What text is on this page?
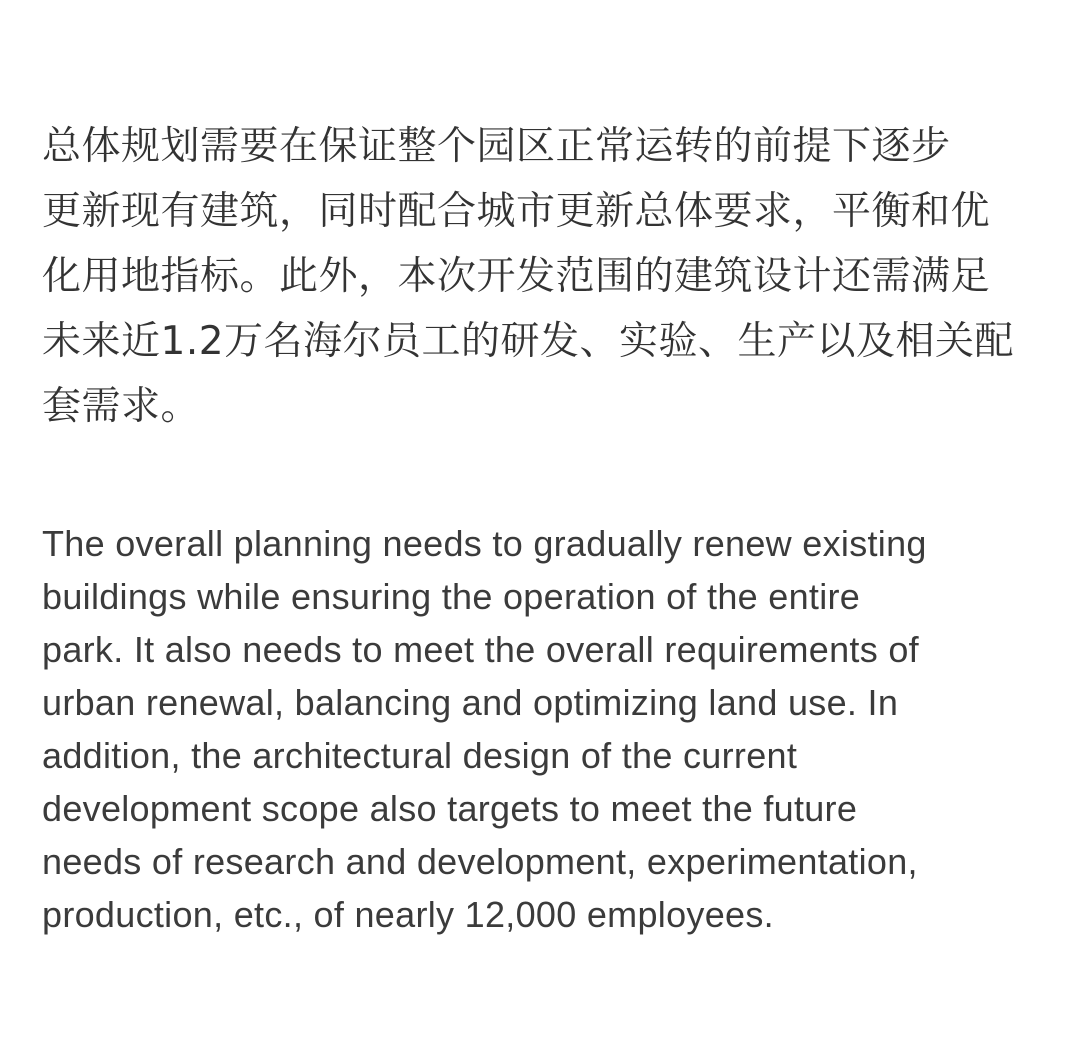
总体规划需要在保证整个园区正常运转的前提下逐步
更新现有建筑，同时配合城市更新总体要求，平衡和优
化用地指标。此外，本次开发范围的建筑设计还需满足
未来近1.2万名海尔员工的研发、实验、生产以及相关配
套需求。

The overall planning needs to gradually renew existing
buildings while ensuring the operation of the entire
park. It also needs to meet the overall requirements of
urban renewal, balancing and optimizing land use. In
addition, the architectural design of the current
development scope also targets to meet the future
needs of research and development, experimentation,
production, etc., of nearly 12,000 employees.
